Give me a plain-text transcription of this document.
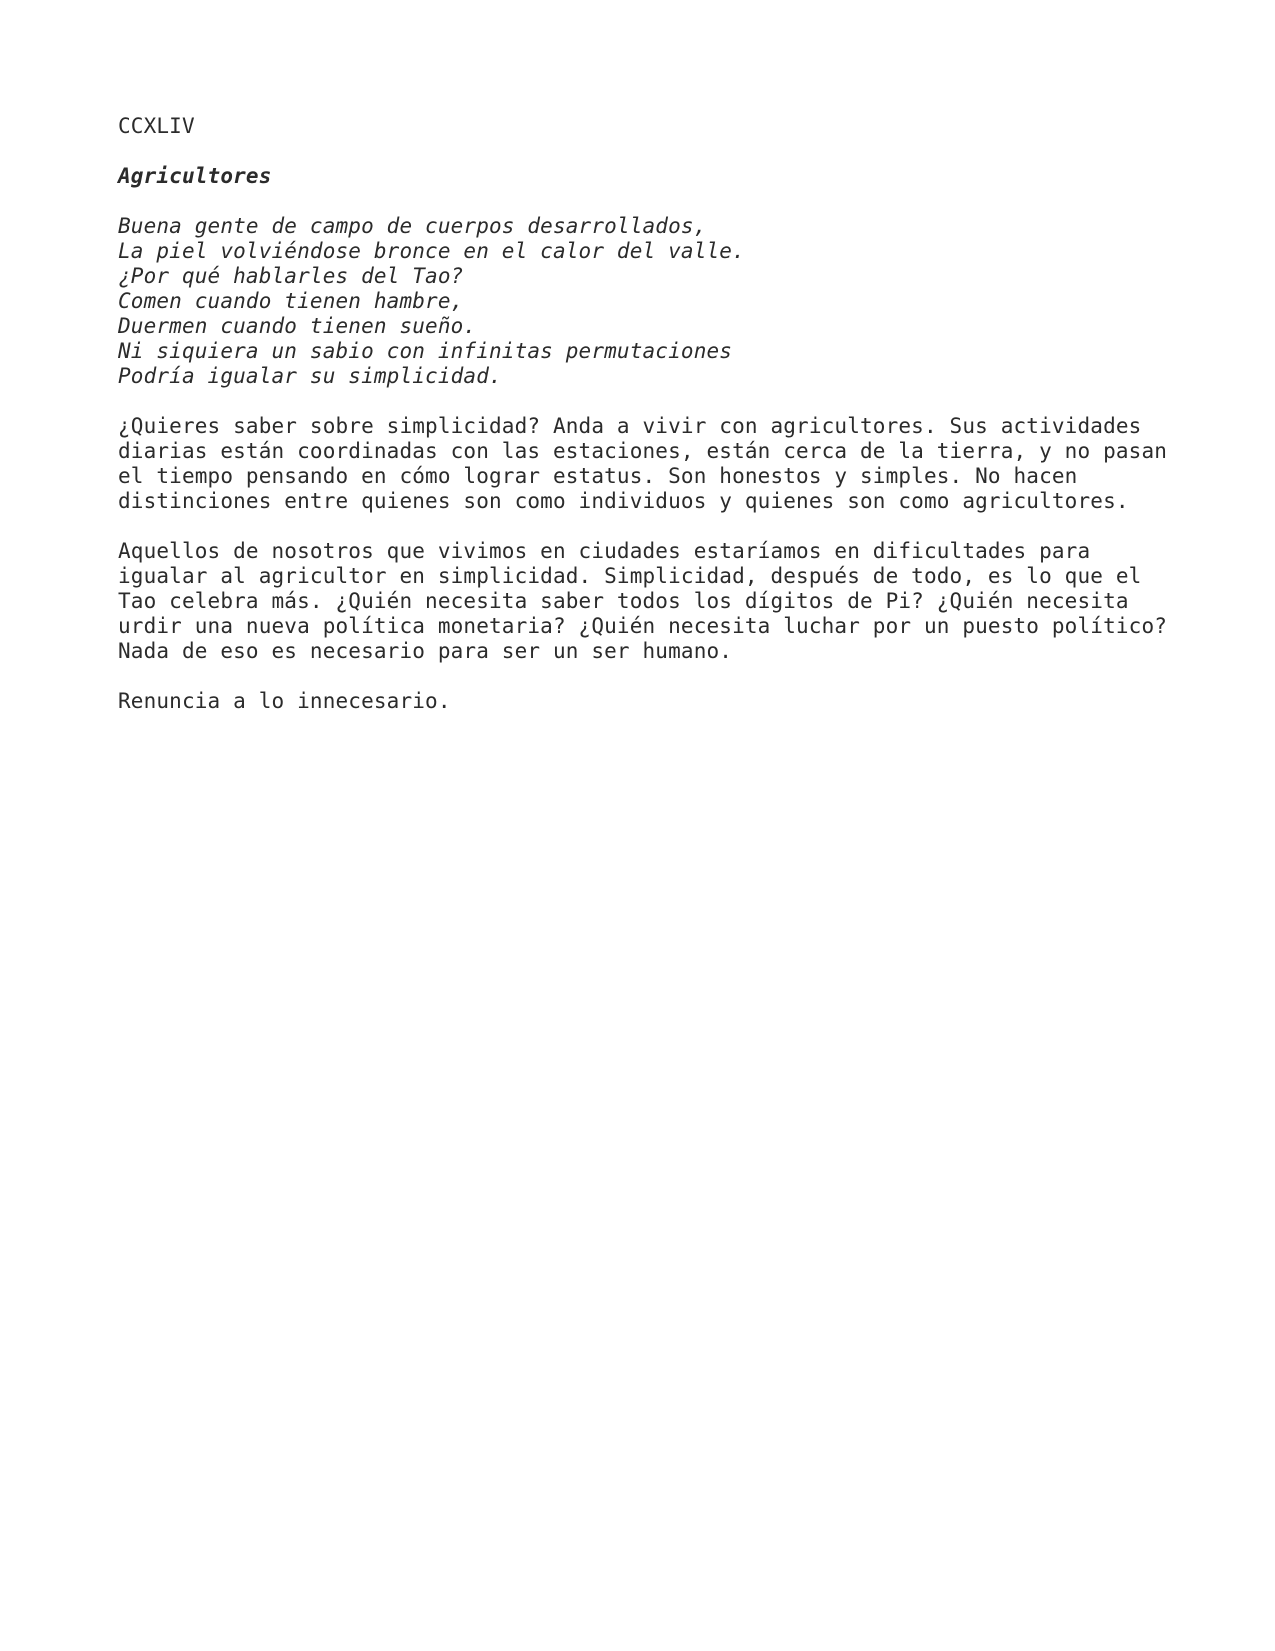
CCXLIV
Agricultores
Buena gente de campo de cuerpos desarrollados,
La piel volviéndose bronce en el calor del valle.
¿Por qué hablarles del Tao?
Comen cuando tienen hambre,
Duermen cuando tienen sueño.
Ni siquiera un sabio con infinitas permutaciones
Podría igualar su simplicidad.
¿Quieres saber sobre simplicidad? Anda a vivir con agricultores. Sus actividades
diarias están coordinadas con las estaciones, están cerca de la tierra, y no pasan
el tiempo pensando en cómo lograr estatus. Son honestos y simples. No hacen
distinciones entre quienes son como individuos y quienes son como agricultores.
Aquellos de nosotros que vivimos en ciudades estaríamos en dificultades para
igualar al agricultor en simplicidad. Simplicidad, después de todo, es lo que el
Tao celebra más. ¿Quién necesita saber todos los dígitos de Pi? ¿Quién necesita
urdir una nueva política monetaria? ¿Quién necesita luchar por un puesto político?
Nada de eso es necesario para ser un ser humano.
Renuncia a lo innecesario.
